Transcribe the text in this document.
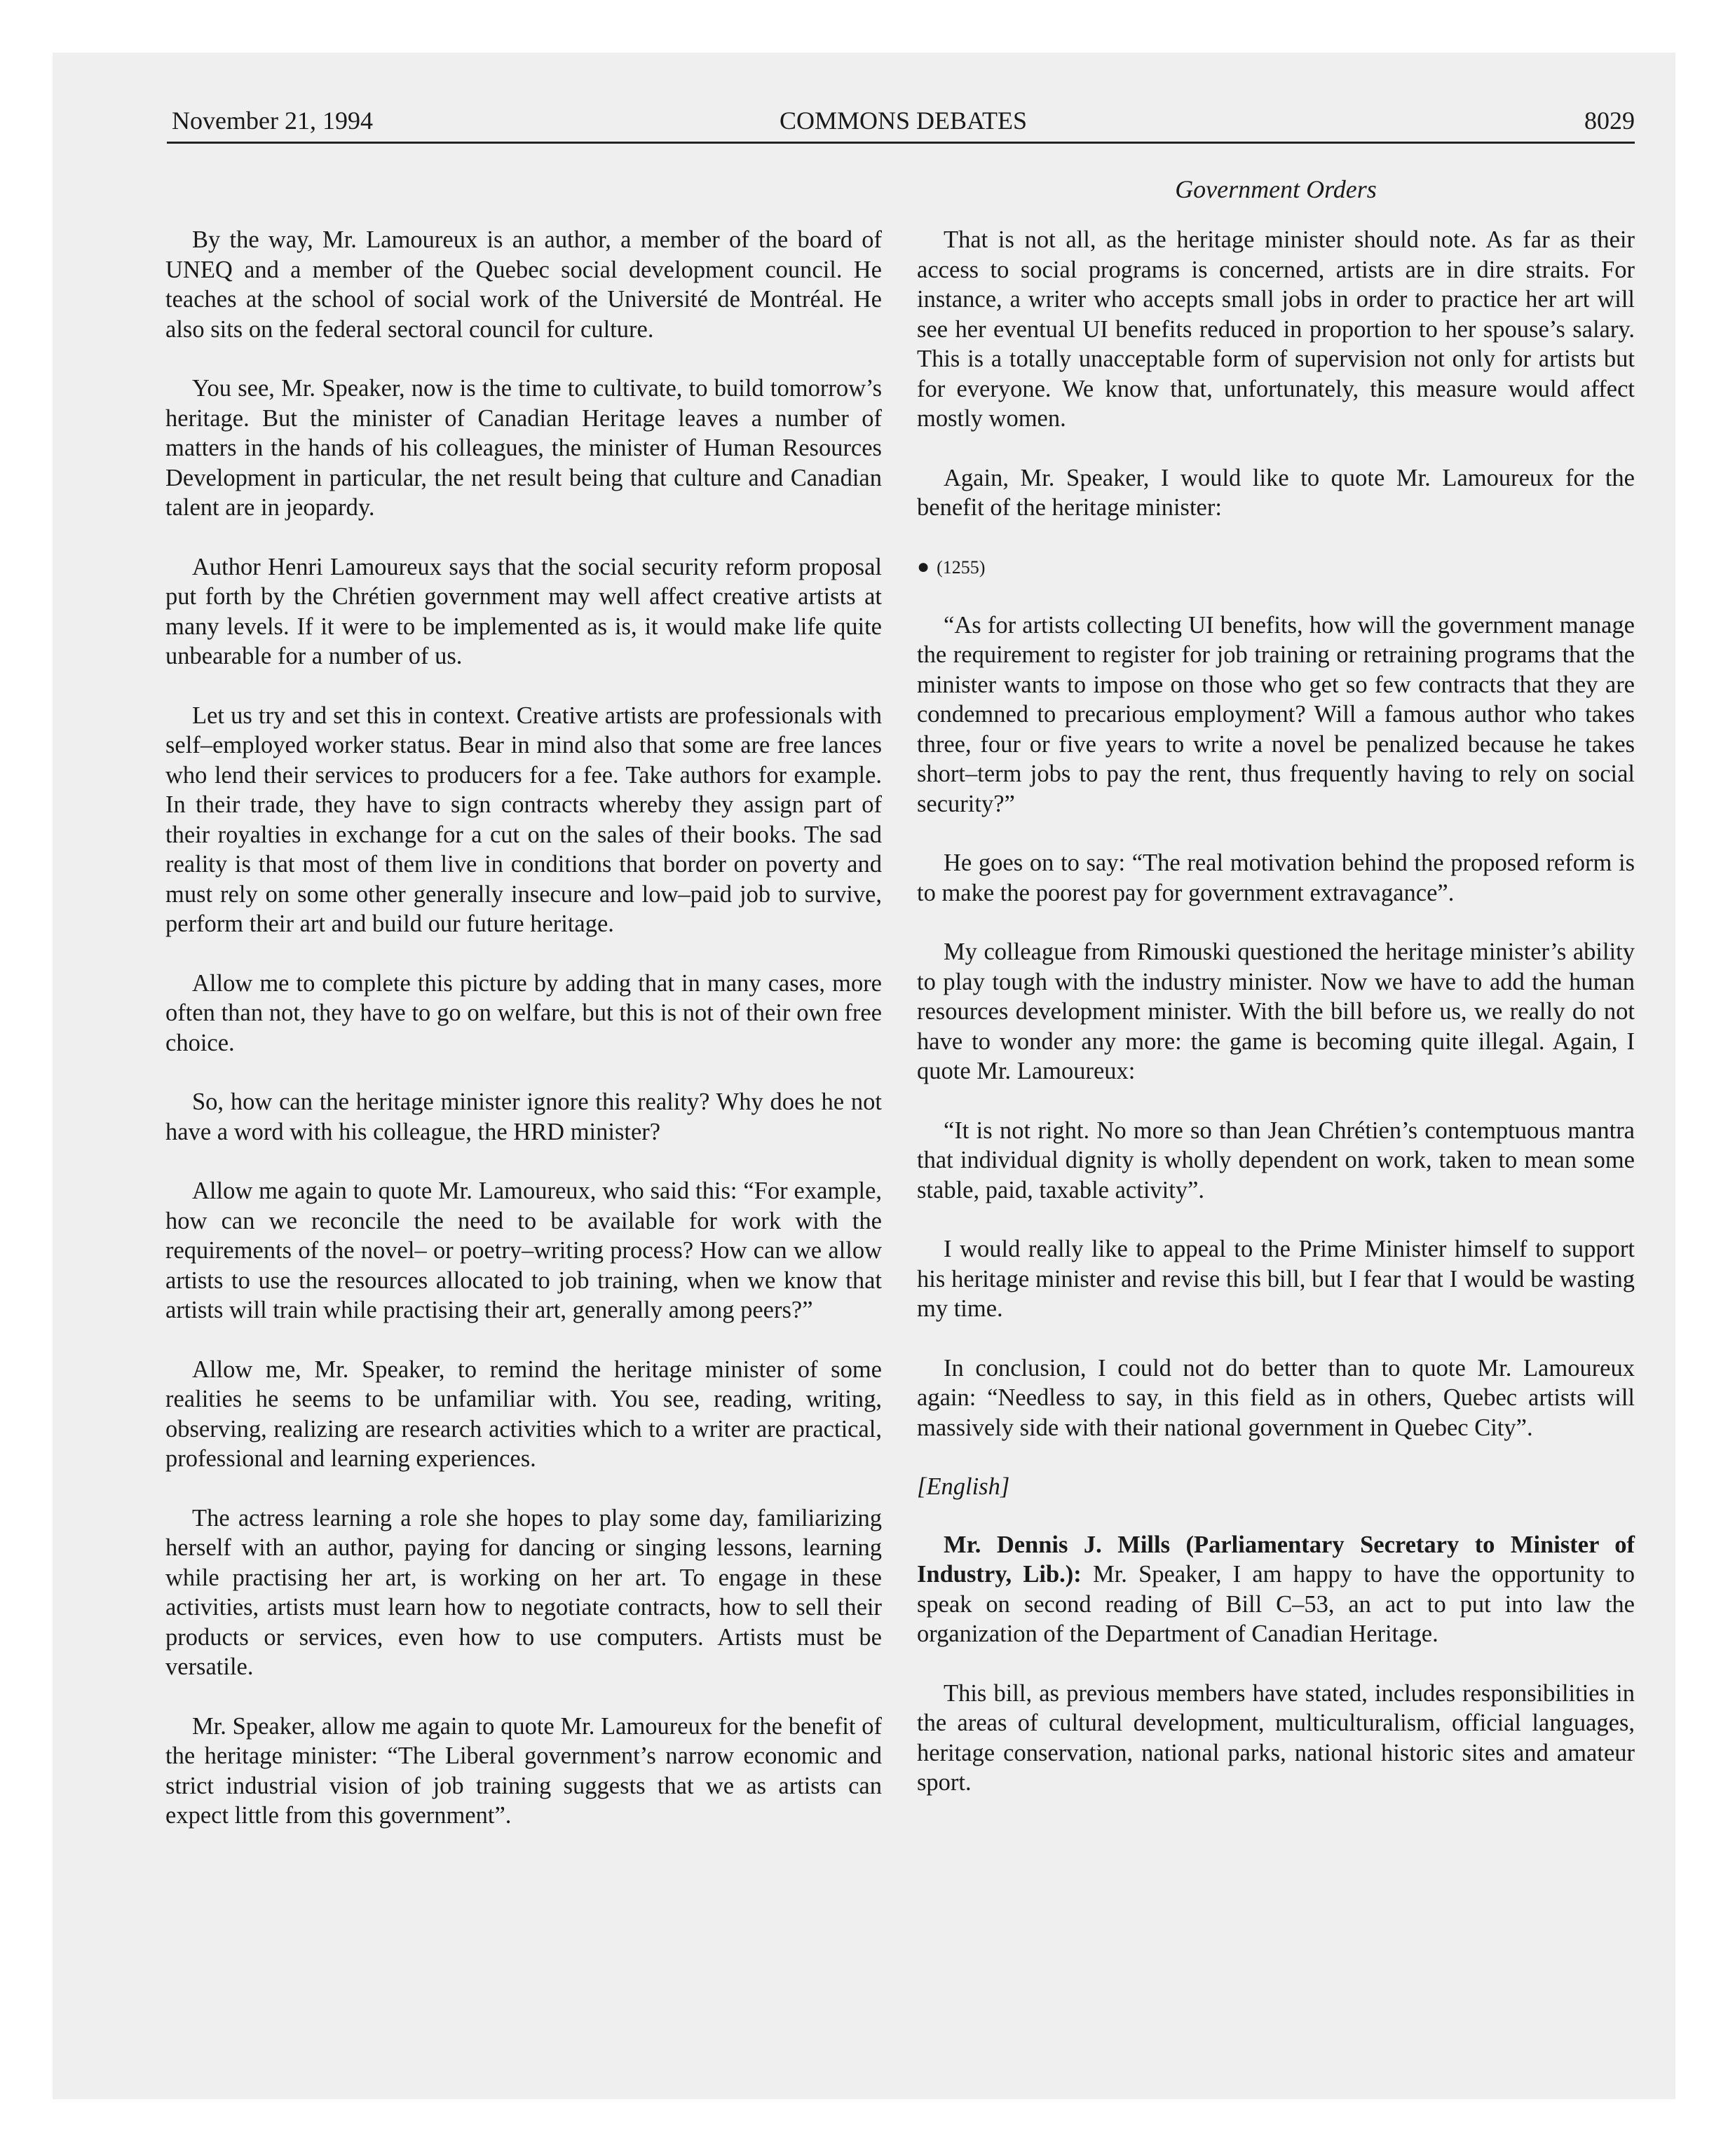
November 21, 1994	COMMONS DEBATES	8029
Government Orders

By the way, Mr. Lamoureux is an author, a member of the board of UNEQ and a member of the Quebec social development council. He teaches at the school of social work of the Université de Montréal. He also sits on the federal sectoral council for culture.

You see, Mr. Speaker, now is the time to cultivate, to build tomorrow’s heritage. But the minister of Canadian Heritage leaves a number of matters in the hands of his colleagues, the minister of Human Resources Development in particular, the net result being that culture and Canadian talent are in jeopardy.

Author Henri Lamoureux says that the social security reform proposal put forth by the Chrétien government may well affect creative artists at many levels. If it were to be implemented as is, it would make life quite unbearable for a number of us.

Let us try and set this in context. Creative artists are professionals with self–employed worker status. Bear in mind also that some are free lances who lend their services to producers for a fee. Take authors for example. In their trade, they have to sign contracts whereby they assign part of their royalties in exchange for a cut on the sales of their books. The sad reality is that most of them live in conditions that border on poverty and must rely on some other generally insecure and low–paid job to survive, perform their art and build our future heritage.

Allow me to complete this picture by adding that in many cases, more often than not, they have to go on welfare, but this is not of their own free choice.

So, how can the heritage minister ignore this reality? Why does he not have a word with his colleague, the HRD minister?

Allow me again to quote Mr. Lamoureux, who said this: “For example, how can we reconcile the need to be available for work with the requirements of the novel– or poetry–writing process? How can we allow artists to use the resources allocated to job training, when we know that artists will train while practising their art, generally among peers?”

Allow me, Mr. Speaker, to remind the heritage minister of some realities he seems to be unfamiliar with. You see, reading, writing, observing, realizing are research activities which to a writer are practical, professional and learning experiences.

The actress learning a role she hopes to play some day, familiarizing herself with an author, paying for dancing or singing lessons, learning while practising her art, is working on her art. To engage in these activities, artists must learn how to negotiate contracts, how to sell their products or services, even how to use computers. Artists must be versatile.

Mr. Speaker, allow me again to quote Mr. Lamoureux for the benefit of the heritage minister: “The Liberal government’s narrow economic and strict industrial vision of job training suggests that we as artists can expect little from this government”.

That is not all, as the heritage minister should note. As far as their access to social programs is concerned, artists are in dire straits. For instance, a writer who accepts small jobs in order to practice her art will see her eventual UI benefits reduced in proportion to her spouse’s salary. This is a totally unacceptable form of supervision not only for artists but for everyone. We know that, unfortunately, this measure would affect mostly women.

Again, Mr. Speaker, I would like to quote Mr. Lamoureux for the benefit of the heritage minister:

● (1255)

“As for artists collecting UI benefits, how will the government manage the requirement to register for job training or retraining programs that the minister wants to impose on those who get so few contracts that they are condemned to precarious employment? Will a famous author who takes three, four or five years to write a novel be penalized because he takes short–term jobs to pay the rent, thus frequently having to rely on social security?”

He goes on to say: “The real motivation behind the proposed reform is to make the poorest pay for government extravagance”.

My colleague from Rimouski questioned the heritage minister’s ability to play tough with the industry minister. Now we have to add the human resources development minister. With the bill before us, we really do not have to wonder any more: the game is becoming quite illegal. Again, I quote Mr. Lamoureux:

“It is not right. No more so than Jean Chrétien’s contemptuous mantra that individual dignity is wholly dependent on work, taken to mean some stable, paid, taxable activity”.

I would really like to appeal to the Prime Minister himself to support his heritage minister and revise this bill, but I fear that I would be wasting my time.

In conclusion, I could not do better than to quote Mr. Lamoureux again: “Needless to say, in this field as in others, Quebec artists will massively side with their national government in Quebec City”.

[ English ]

Mr. Dennis J. Mills (Parliamentary Secretary to Minister of Industry, Lib.): Mr. Speaker, I am happy to have the opportunity to speak on second reading of Bill C–53, an act to put into law the organization of the Department of Canadian Heritage.

This bill, as previous members have stated, includes responsibilities in the areas of cultural development, multiculturalism, official languages, heritage conservation, national parks, national historic sites and amateur sport.
